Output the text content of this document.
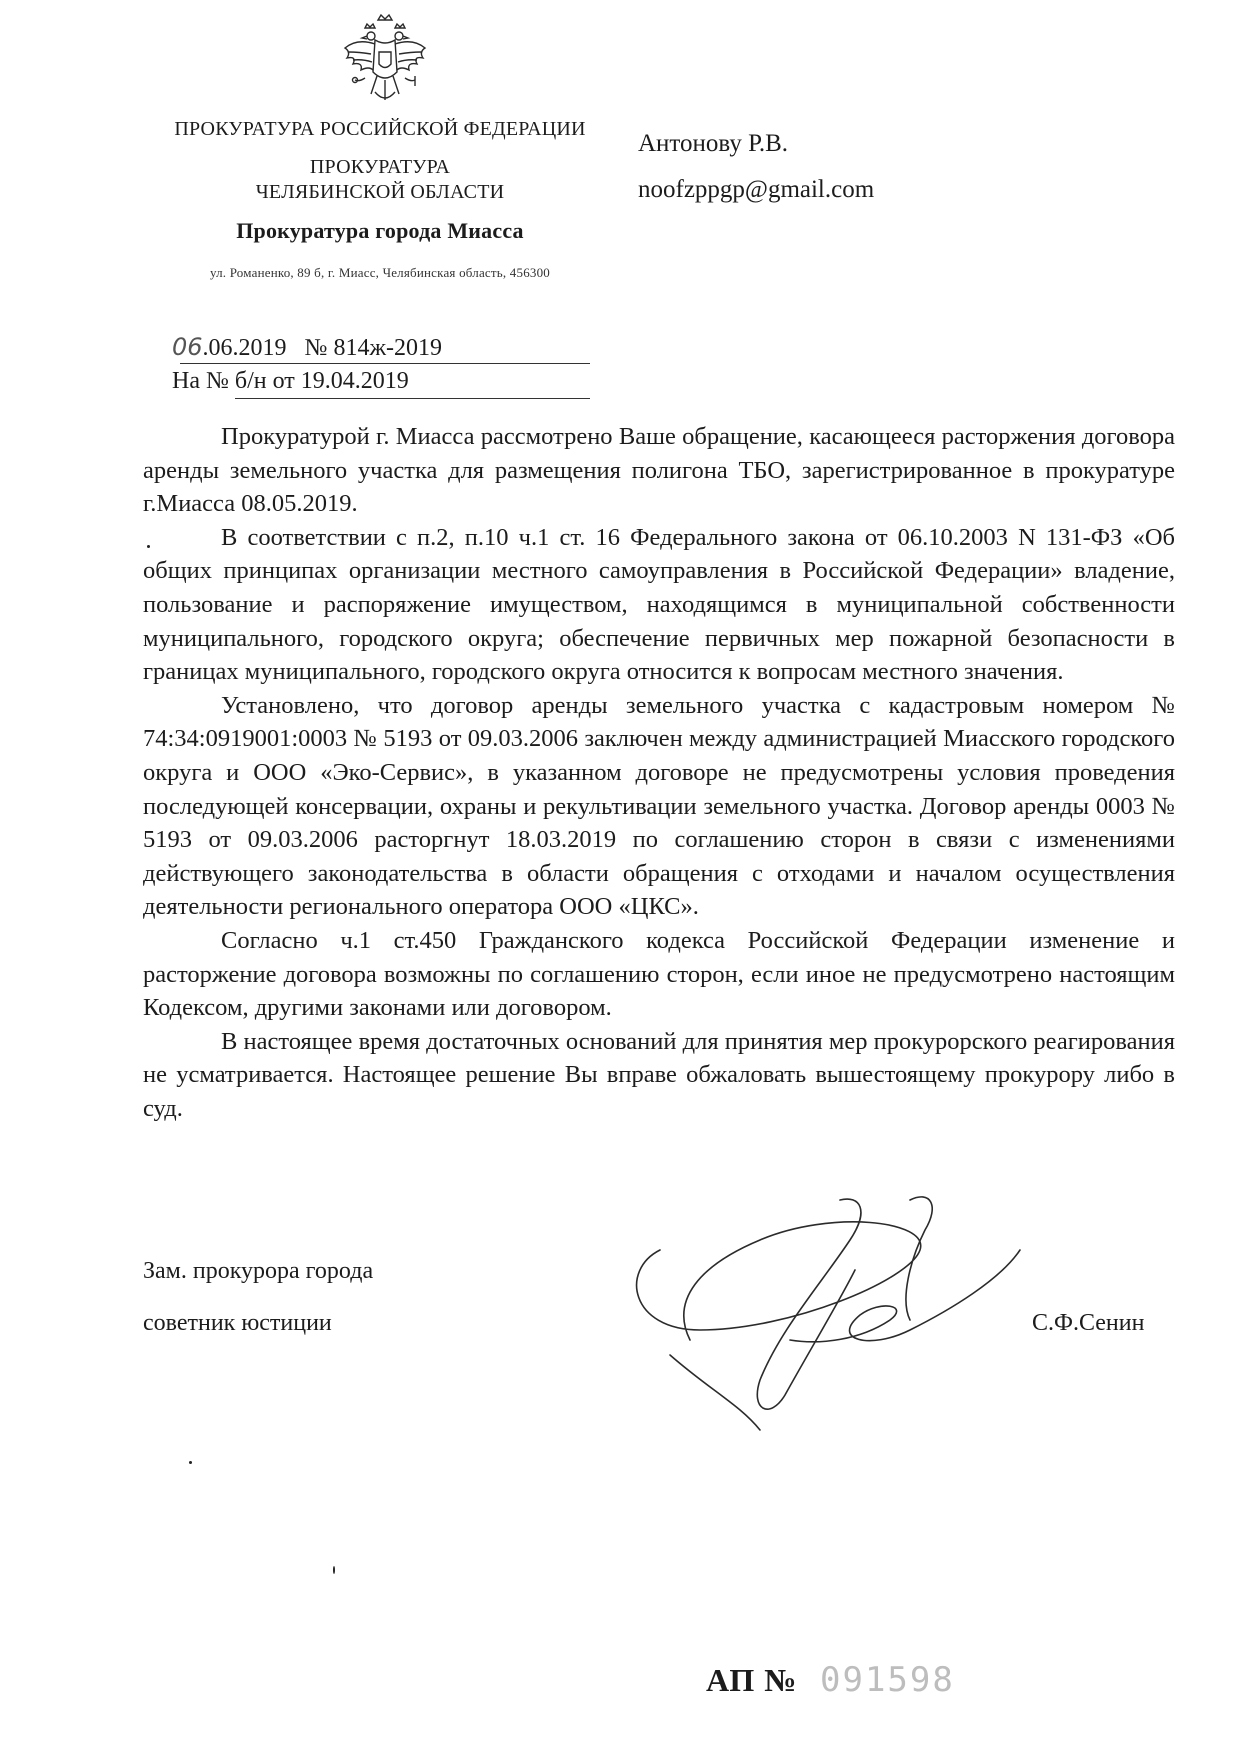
ПРОКУРАТУРА РОССИЙСКОЙ ФЕДЕРАЦИИ
ПРОКУРАТУРА
ЧЕЛЯБИНСКОЙ ОБЛАСТИ
Прокуратура города Миасса
ул. Романенко, 89 б, г. Миасс, Челябинская область, 456300
Антонову Р.В.
noofzppgp@gmail.com
06.06.2019 № 814ж-2019
На № б/н от 19.04.2019

Прокуратурой г. Миасса рассмотрено Ваше обращение, касающееся расторжения договора аренды земельного участка для размещения полигона ТБО, зарегистрированное в прокуратуре г.Миасса 08.05.2019.

В соответствии с п.2, п.10 ч.1 ст. 16 Федерального закона от 06.10.2003 N 131-ФЗ «Об общих принципах организации местного самоуправления в Российской Федерации» владение, пользование и распоряжение имуществом, находящимся в муниципальной собственности муниципального, городского округа; обеспечение первичных мер пожарной безопасности в границах муниципального, городского округа относится к вопросам местного значения.

Установлено, что договор аренды земельного участка с кадастровым номером № 74:34:0919001:0003 № 5193 от 09.03.2006 заключен между администрацией Миасского городского округа и ООО «Эко-Сервис», в указанном договоре не предусмотрены условия проведения последующей консервации, охраны и рекультивации земельного участка. Договор аренды 0003 № 5193 от 09.03.2006 расторгнут 18.03.2019 по соглашению сторон в связи с изменениями действующего законодательства в области обращения с отходами и началом осуществления деятельности регионального оператора ООО «ЦКС».

Согласно ч.1 ст.450 Гражданского кодекса Российской Федерации изменение и расторжение договора возможны по соглашению сторон, если иное не предусмотрено настоящим Кодексом, другими законами или договором.

В настоящее время достаточных оснований для принятия мер прокурорского реагирования не усматривается. Настоящее решение Вы вправе обжаловать вышестоящему прокурору либо в суд.

Зам. прокурора города
советник юстиции	С.Ф.Сенин
АП № 091598
